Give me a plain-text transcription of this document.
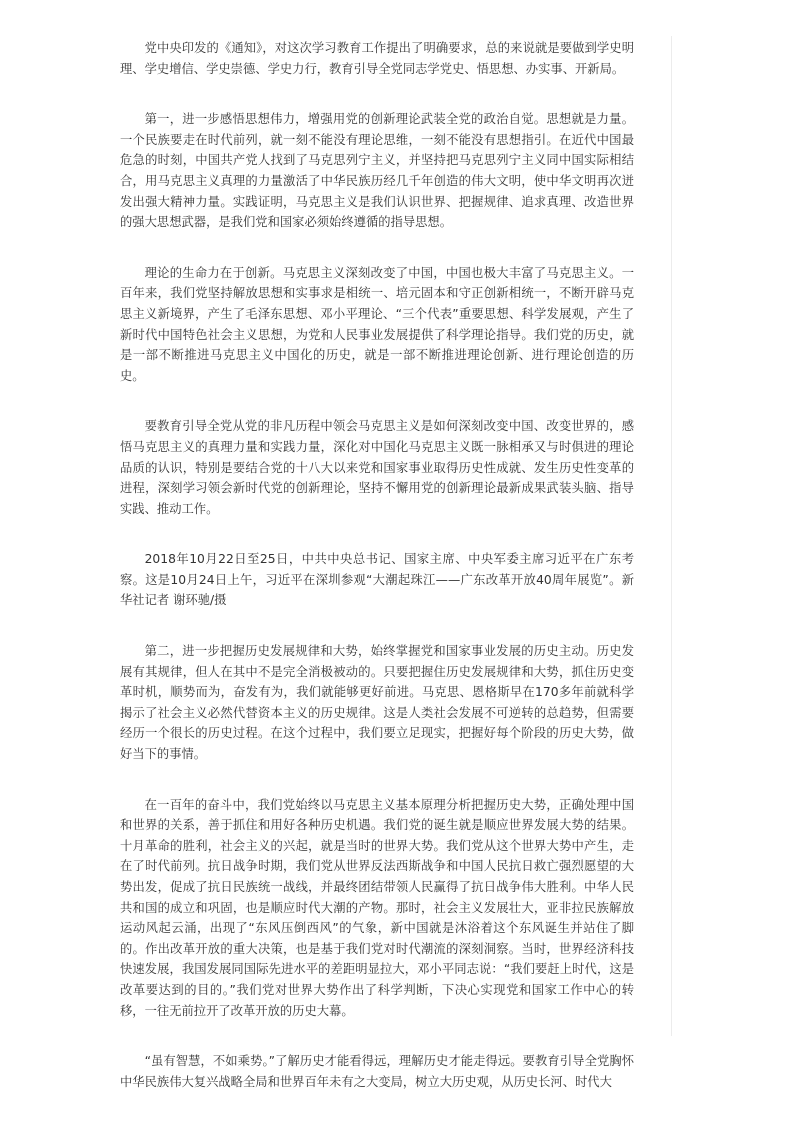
党中央印发的《通知》，对这次学习教育工作提出了明确要求，总的来说就是要做到学史明理、学史增信、学史崇德、学史力行，教育引导全党同志学党史、悟思想、办实事、开新局。

第一，进一步感悟思想伟力，增强用党的创新理论武装全党的政治自觉。思想就是力量。一个民族要走在时代前列，就一刻不能没有理论思维，一刻不能没有思想指引。在近代中国最危急的时刻，中国共产党人找到了马克思列宁主义，并坚持把马克思列宁主义同中国实际相结合，用马克思主义真理的力量激活了中华民族历经几千年创造的伟大文明，使中华文明再次迸发出强大精神力量。实践证明，马克思主义是我们认识世界、把握规律、追求真理、改造世界的强大思想武器，是我们党和国家必须始终遵循的指导思想。

理论的生命力在于创新。马克思主义深刻改变了中国，中国也极大丰富了马克思主义。一百年来，我们党坚持解放思想和实事求是相统一、培元固本和守正创新相统一，不断开辟马克思主义新境界，产生了毛泽东思想、邓小平理论、“三个代表”重要思想、科学发展观，产生了新时代中国特色社会主义思想，为党和人民事业发展提供了科学理论指导。我们党的历史，就是一部不断推进马克思主义中国化的历史，就是一部不断推进理论创新、进行理论创造的历史。

要教育引导全党从党的非凡历程中领会马克思主义是如何深刻改变中国、改变世界的，感悟马克思主义的真理力量和实践力量，深化对中国化马克思主义既一脉相承又与时俱进的理论品质的认识，特别是要结合党的十八大以来党和国家事业取得历史性成就、发生历史性变革的进程，深刻学习领会新时代党的创新理论，坚持不懈用党的创新理论最新成果武装头脑、指导实践、推动工作。

2018年10月22日至25日，中共中央总书记、国家主席、中央军委主席习近平在广东考察。这是10月24日上午，习近平在深圳参观“大潮起珠江——广东改革开放40周年展览”。新华社记者 谢环驰/摄

第二，进一步把握历史发展规律和大势，始终掌握党和国家事业发展的历史主动。历史发展有其规律，但人在其中不是完全消极被动的。只要把握住历史发展规律和大势，抓住历史变革时机，顺势而为，奋发有为，我们就能够更好前进。马克思、恩格斯早在170多年前就科学揭示了社会主义必然代替资本主义的历史规律。这是人类社会发展不可逆转的总趋势，但需要经历一个很长的历史过程。在这个过程中，我们要立足现实，把握好每个阶段的历史大势，做好当下的事情。

在一百年的奋斗中，我们党始终以马克思主义基本原理分析把握历史大势，正确处理中国和世界的关系，善于抓住和用好各种历史机遇。我们党的诞生就是顺应世界发展大势的结果。十月革命的胜利，社会主义的兴起，就是当时的世界大势。我们党从这个世界大势中产生，走在了时代前列。抗日战争时期，我们党从世界反法西斯战争和中国人民抗日救亡强烈愿望的大势出发，促成了抗日民族统一战线，并最终团结带领人民赢得了抗日战争伟大胜利。中华人民共和国的成立和巩固，也是顺应时代大潮的产物。那时，社会主义发展壮大，亚非拉民族解放运动风起云涌，出现了“东风压倒西风”的气象，新中国就是沐浴着这个东风诞生并站住了脚的。作出改革开放的重大决策，也是基于我们党对时代潮流的深刻洞察。当时，世界经济科技快速发展，我国发展同国际先进水平的差距明显拉大，邓小平同志说：“我们要赶上时代，这是改革要达到的目的。”我们党对世界大势作出了科学判断，下决心实现党和国家工作中心的转移，一往无前拉开了改革开放的历史大幕。

“虽有智慧，不如乘势。”了解历史才能看得远，理解历史才能走得远。要教育引导全党胸怀中华民族伟大复兴战略全局和世界百年未有之大变局，树立大历史观，从历史长河、时代大
